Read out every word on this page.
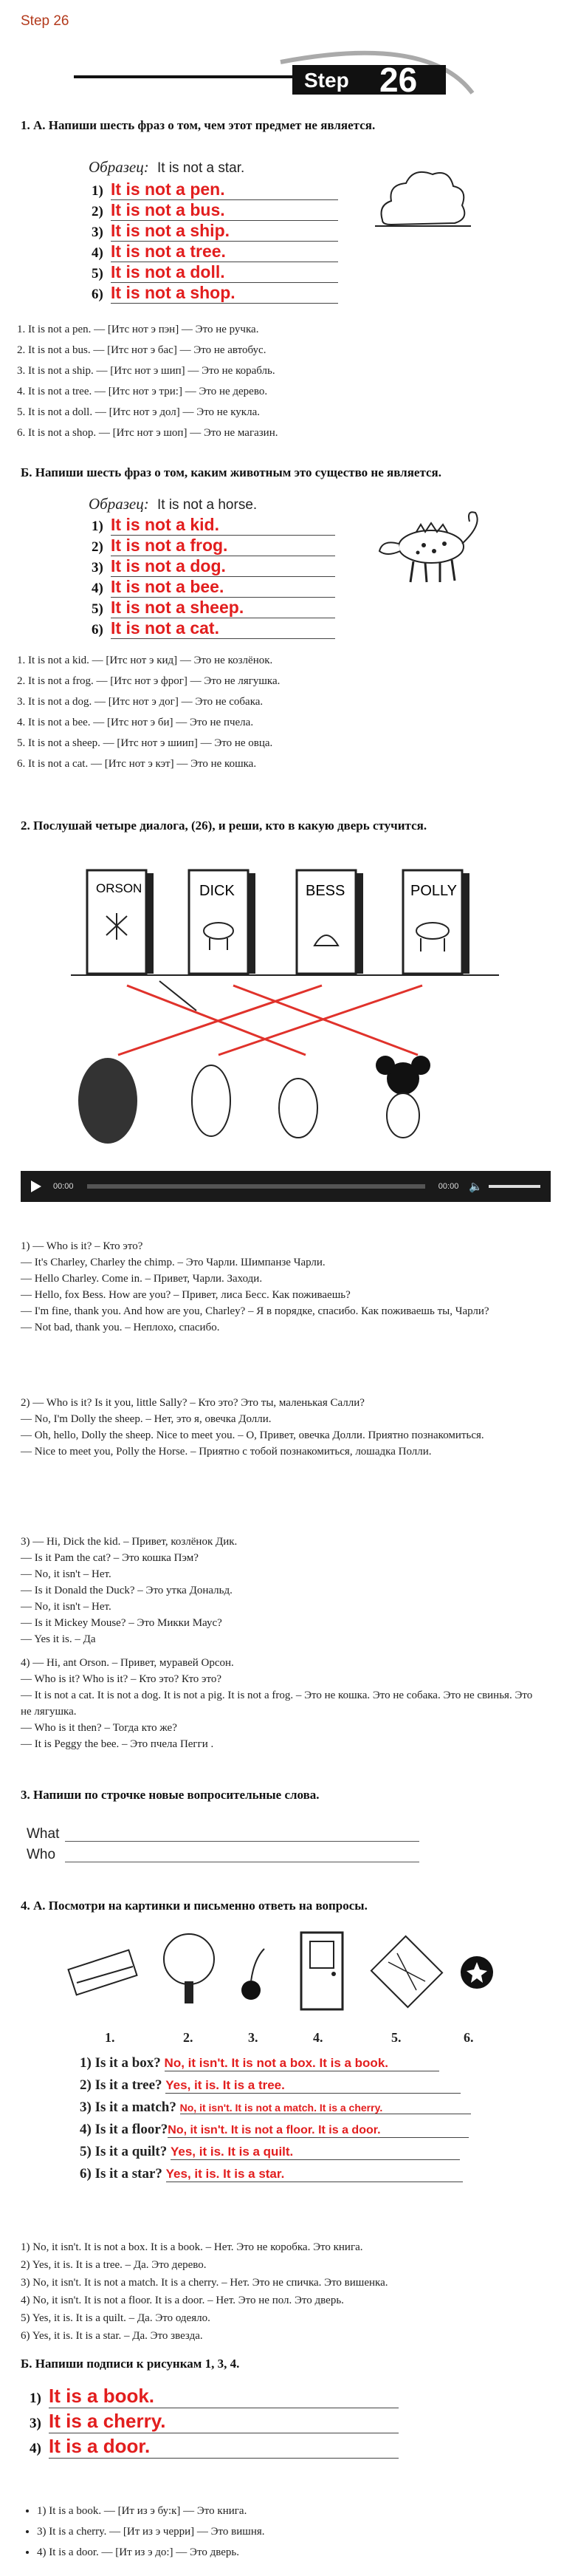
Step 26
Step 26
1. А. Напиши шесть фраз о том, чем этот предмет не является.
Образец: It is not a star.
1) It is not a pen.
2) It is not a bus.
3) It is not a ship.
4) It is not a tree.
5) It is not a doll.
6) It is not a shop.
1. It is not a pen. — [Итс нот э пэн] — Это не ручка.
2. It is not a bus. — [Итс нот э бас] — Это не автобус.
3. It is not a ship. — [Итс нот э шип] — Это не корабль.
4. It is not a tree. — [Итс нот э три:] — Это не дерево.
5. It is not a doll. — [Итс нот э дол] — Это не кукла.
6. It is not a shop. — [Итс нот э шоп] — Это не магазин.
Б. Напиши шесть фраз о том, каким животным это существо не является.
Образец: It is not a horse.
1) It is not a kid.
2) It is not a frog.
3) It is not a dog.
4) It is not a bee.
5) It is not a sheep.
6) It is not a cat.
1. It is not a kid. — [Итс нот э кид] — Это не козлёнок.
2. It is not a frog. — [Итс нот э фрог] — Это не лягушка.
3. It is not a dog. — [Итс нот э дог] — Это не собака.
4. It is not a bee. — [Итс нот э би] — Это не пчела.
5. It is not a sheep. — [Итс нот э шиип] — Это не овца.
6. It is not a cat. — [Итс нот э кэт] — Это не кошка.
2. Послушай четыре диалога, (26), и реши, кто в какую дверь стучится.
ORSON	DICK	BESS	POLLY
00:00	00:00 🔈

1) — Who is it? – Кто это?

— It's Charley, Charley the chimp. – Это Чарли. Шимпанзе Чарли.

— Hello Charley. Come in. – Привет, Чарли. Заходи.

— Hello, fox Bess. How are you? – Привет, лиса Бесс. Как поживаешь?

— I'm fine, thank you. And how are you, Charley? – Я в порядке, спасибо. Как поживаешь ты, Чарли?

— Not bad, thank you. – Неплохо, спасибо.

2) — Who is it? Is it you, little Sally? – Кто это? Это ты, маленькая Салли?

— No, I'm Dolly the sheep. – Нет, это я, овечка Долли.

— Oh, hello, Dolly the sheep. Nice to meet you. – О, Привет, овечка Долли. Приятно познакомиться.

— Nice to meet you, Polly the Horse. – Приятно с тобой познакомиться, лошадка Полли.

3) — Hi, Dick the kid. – Привет, козлёнок Дик.

— Is it Pam the cat? – Это кошка Пэм?

— No, it isn't – Нет.

— Is it Donald the Duck? – Это утка Дональд.

— No, it isn't – Нет.

— Is it Mickey Mouse? – Это Микки Маус?

— Yes it is. – Да

4) — Hi, ant Orson. – Привет, муравей Орсон.

— Who is it? Who is it? – Кто это? Кто это?

— It is not a cat. It is not a dog. It is not a pig. It is not a frog. – Это не кошка. Это не собака. Это не свинья. Это не лягушка.

— Who is it then? – Тогда кто же?

— It is Peggy the bee. – Это пчела Пегги .

3. Напиши по строчке новые вопросительные слова.
What
Who
4. А. Посмотри на картинки и письменно ответь на вопросы.
1.	2.	3.	4.	5.	6.
1) Is it a box? No, it isn't. It is not a box. It is a book.
2) Is it a tree? Yes, it is. It is a tree.
3) Is it a match? No, it isn't. It is not a match. It is a cherry.
4) Is it a floor?No, it isn't. It is not a floor. It is a door.
5) Is it a quilt? Yes, it is. It is a quilt.
6) Is it a star? Yes, it is. It is a star.

1) No, it isn't. It is not a box. It is a book. – Нет. Это не коробка. Это книга.

2) Yes, it is. It is a tree. – Да. Это дерево.

3) No, it isn't. It is not a match. It is a cherry. – Нет. Это не спичка. Это вишенка.

4) No, it isn't. It is not a floor. It is a door. – Нет. Это не пол. Это дверь.

5) Yes, it is. It is a quilt. – Да. Это одеяло.

6) Yes, it is. It is a star. – Да. Это звезда.

Б. Напиши подписи к рисункам 1, 3, 4.
1) It is a book.
3) It is a cherry.
4) It is a door.
• 1) It is a book. — [Ит из э бу:к] — Это книга.
• 3) It is a cherry. — [Ит из э черри] — Это вишня.
• 4) It is a door. — [Ит из э до:] — Это дверь.
